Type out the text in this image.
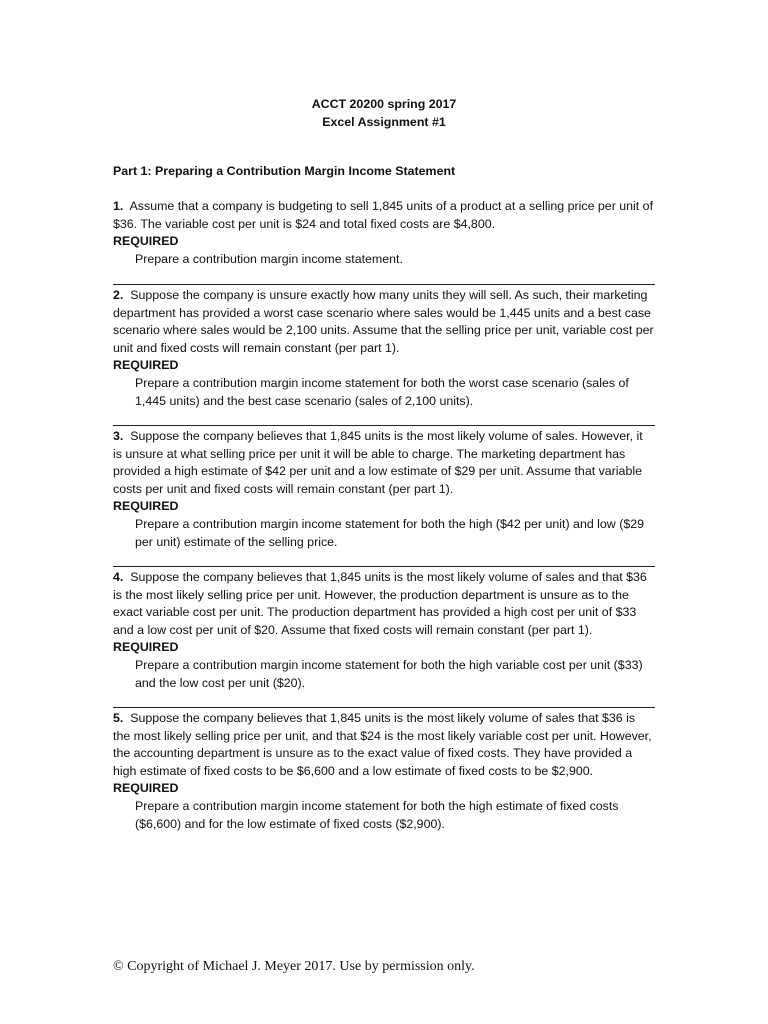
ACCT 20200 spring 2017
Excel Assignment #1
Part 1: Preparing a Contribution Margin Income Statement

1. Assume that a company is budgeting to sell 1,845 units of a product at a selling price per unit of $36. The variable cost per unit is $24 and total fixed costs are $4,800.

REQUIRED

Prepare a contribution margin income statement.

2. Suppose the company is unsure exactly how many units they will sell. As such, their marketing department has provided a worst case scenario where sales would be 1,445 units and a best case scenario where sales would be 2,100 units. Assume that the selling price per unit, variable cost per unit and fixed costs will remain constant (per part 1).

REQUIRED

Prepare a contribution margin income statement for both the worst case scenario (sales of 1,445 units) and the best case scenario (sales of 2,100 units).

3. Suppose the company believes that 1,845 units is the most likely volume of sales. However, it is unsure at what selling price per unit it will be able to charge. The marketing department has provided a high estimate of $42 per unit and a low estimate of $29 per unit. Assume that variable costs per unit and fixed costs will remain constant (per part 1).

REQUIRED

Prepare a contribution margin income statement for both the high ($42 per unit) and low ($29 per unit) estimate of the selling price.

4. Suppose the company believes that 1,845 units is the most likely volume of sales and that $36 is the most likely selling price per unit. However, the production department is unsure as to the exact variable cost per unit. The production department has provided a high cost per unit of $33 and a low cost per unit of $20. Assume that fixed costs will remain constant (per part 1).

REQUIRED

Prepare a contribution margin income statement for both the high variable cost per unit ($33) and the low cost per unit ($20).

5. Suppose the company believes that 1,845 units is the most likely volume of sales that $36 is the most likely selling price per unit, and that $24 is the most likely variable cost per unit. However, the accounting department is unsure as to the exact value of fixed costs. They have provided a high estimate of fixed costs to be $6,600 and a low estimate of fixed costs to be $2,900.

REQUIRED

Prepare a contribution margin income statement for both the high estimate of fixed costs ($6,600) and for the low estimate of fixed costs ($2,900).

© Copyright of Michael J. Meyer 2017. Use by permission only.
